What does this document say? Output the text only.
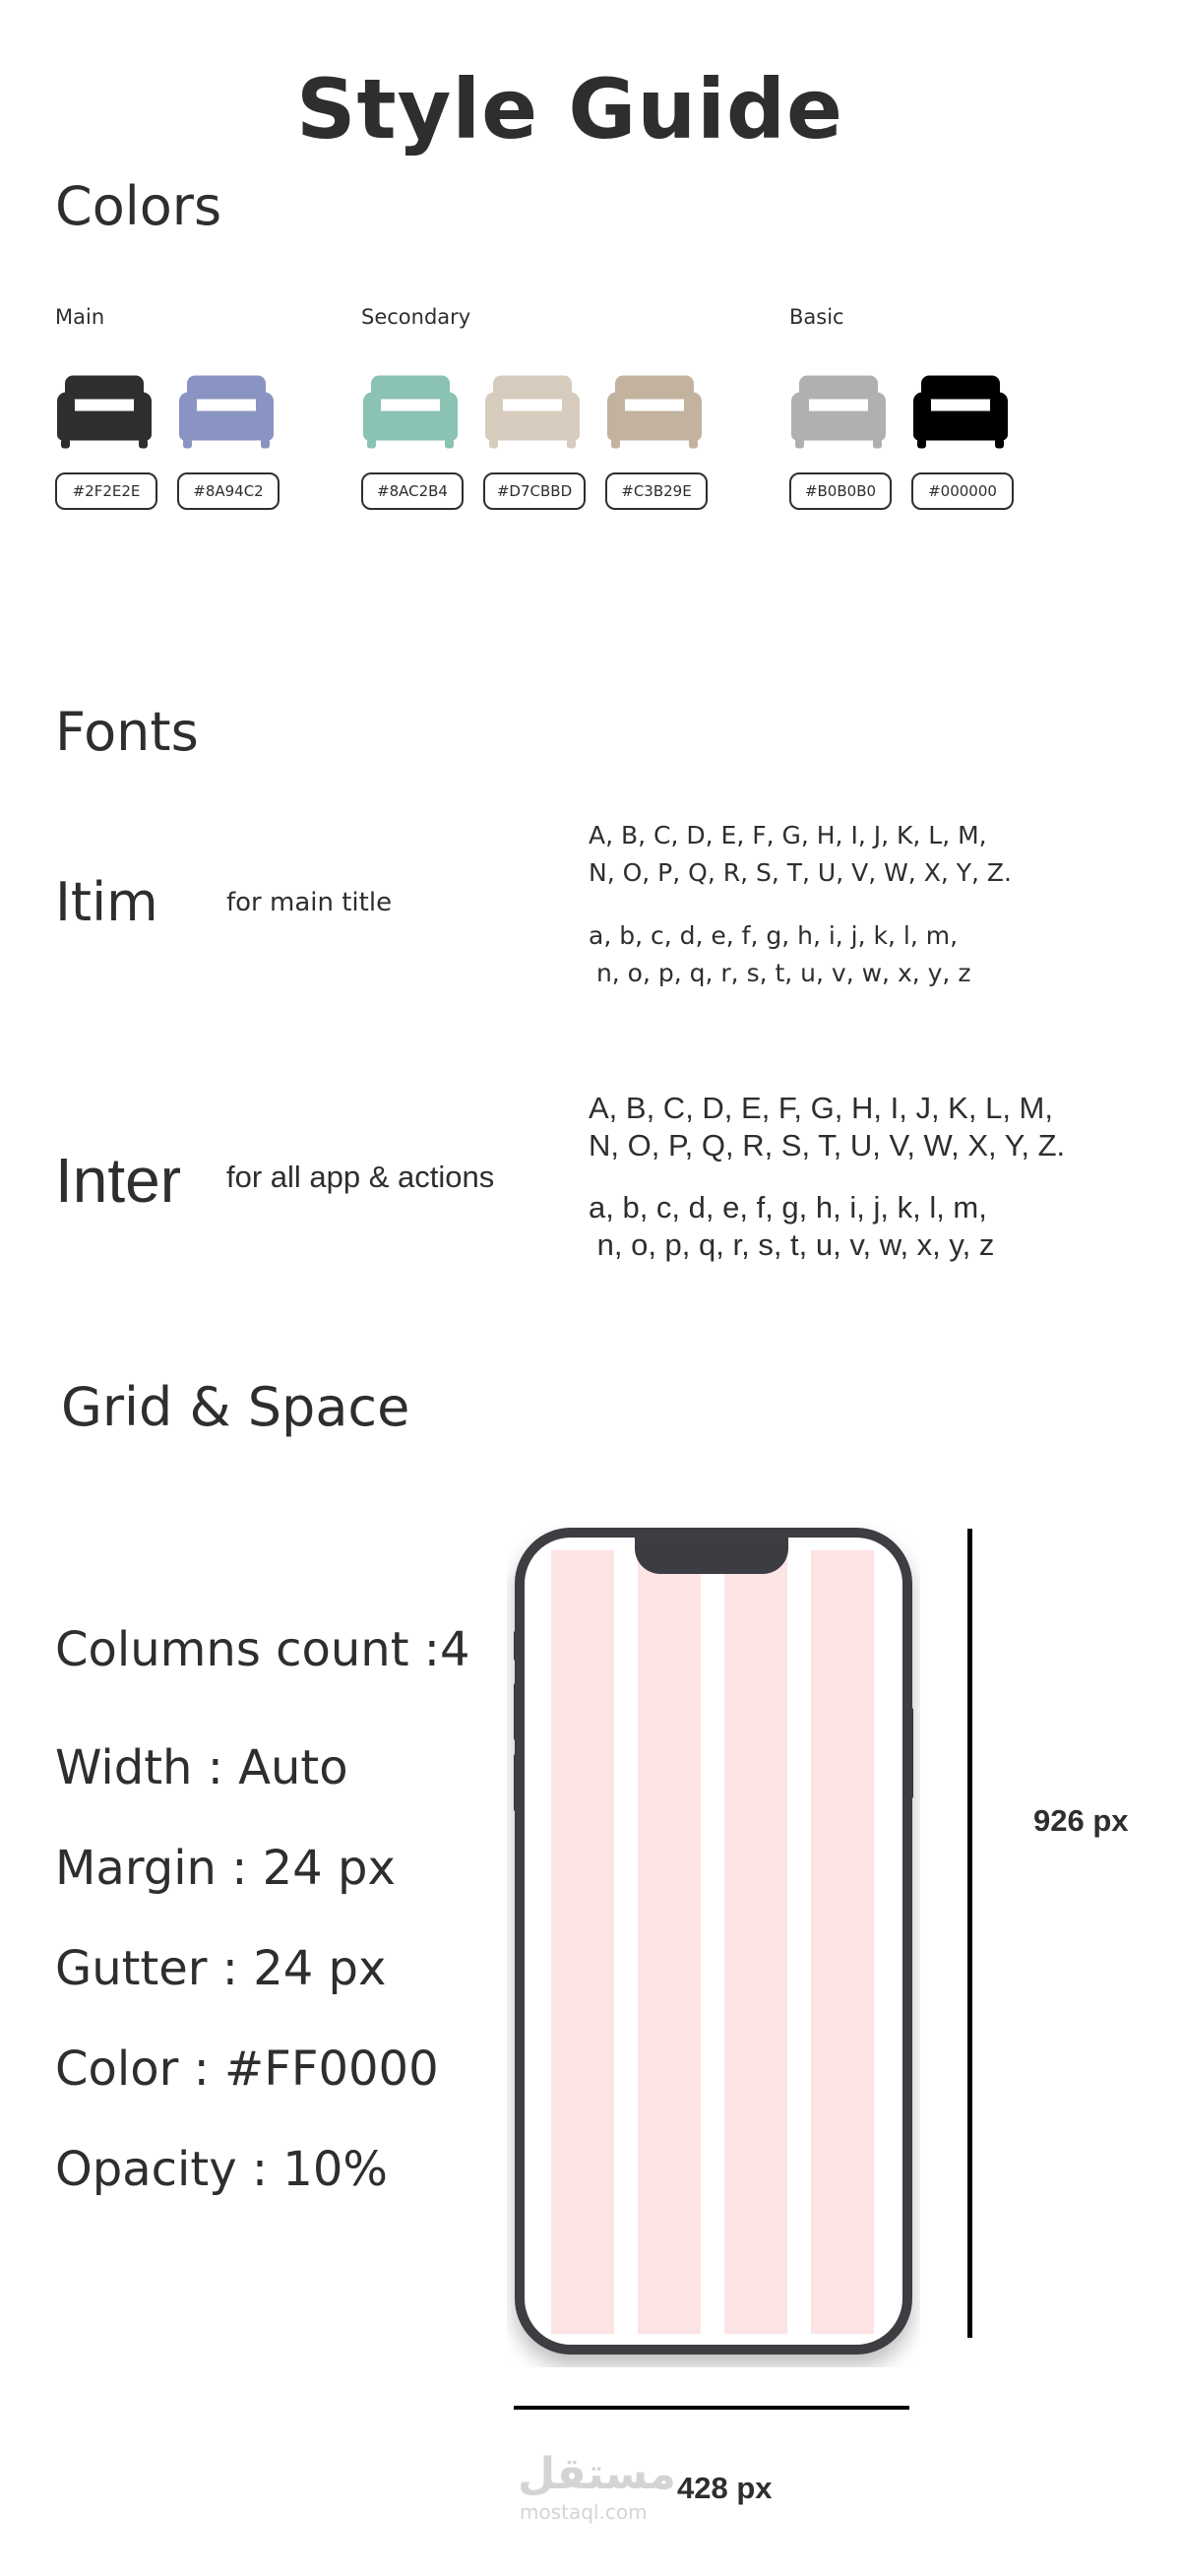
Style Guide
Colors
Main	Secondary	Basic
#2F2E2E	#8A94C2	#8AC2B4	#D7CBBD	#C3B29E	#B0B0B0	#000000
Fonts
Itim	for main title
A, B, C, D, E, F, G, H, I, J, K, L, M,
N, O, P, Q, R, S, T, U, V, W, X, Y, Z.
a, b, c, d, e, f, g, h, i, j, k, l, m,
n, o, p, q, r, s, t, u, v, w, x, y, z
Inter for all app & actions
A, B, C, D, E, F, G, H, I, J, K, L, M,
N, O, P, Q, R, S, T, U, V, W, X, Y, Z.
a, b, c, d, e, f, g, h, i, j, k, l, m,
n, o, p, q, r, s, t, u, v, w, x, y, z
Grid & Space
Columns count :4
Width : Auto
Margin : 24 px
Gutter : 24 px
Color : #FF0000
Opacity : 10%
926 px
428 px
مستقل
mostaql.com
